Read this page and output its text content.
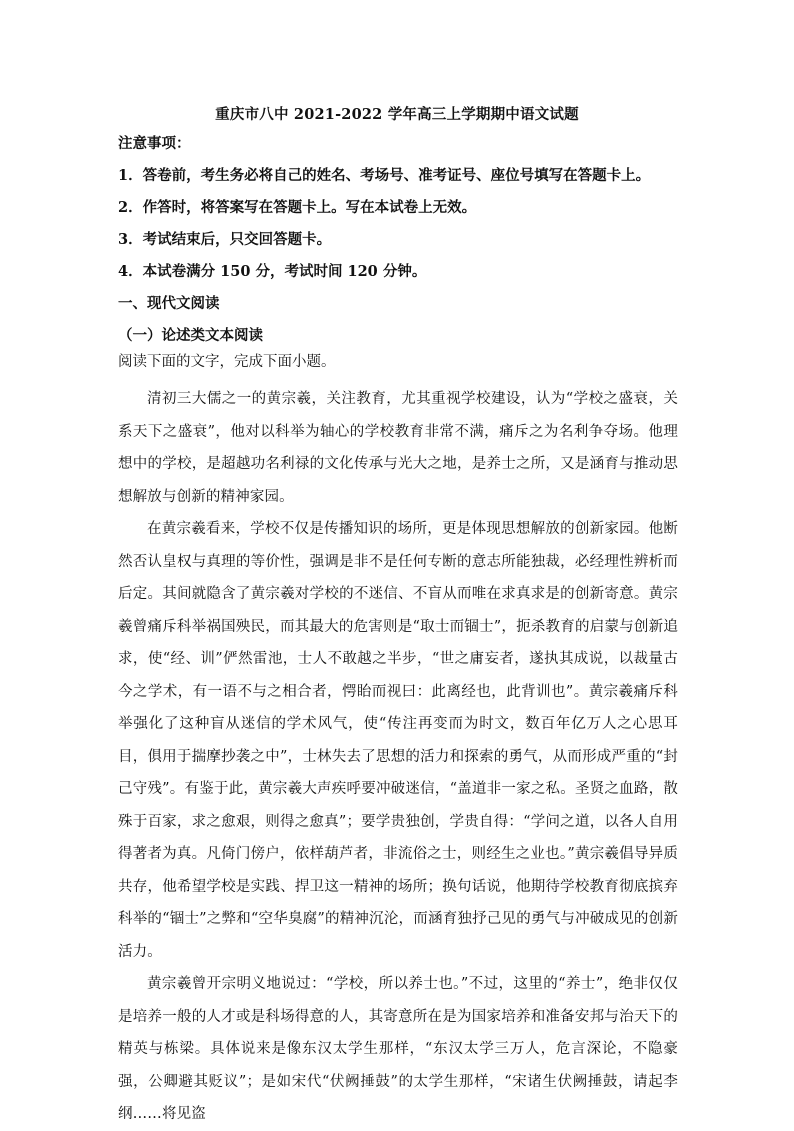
重庆市八中 2021-2022 学年高三上学期期中语文试题
注意事项：
1．答卷前，考生务必将自己的姓名、考场号、准考证号、座位号填写在答题卡上。
2．作答时，将答案写在答题卡上。写在本试卷上无效。
3．考试结束后，只交回答题卡。
4．本试卷满分 150 分，考试时间 120 分钟。
一、现代文阅读
（一）论述类文本阅读
阅读下面的文字，完成下面小题。

清初三大儒之一的黄宗羲，关注教育，尤其重视学校建设，认为“学校之盛衰，关系天下之盛衰”，他对以科举为轴心的学校教育非常不满，痛斥之为名利争夺场。他理想中的学校，是超越功名利禄的文化传承与光大之地，是养士之所，又是涵育与推动思想解放与创新的精神家园。

在黄宗羲看来，学校不仅是传播知识的场所，更是体现思想解放的创新家园。他断然否认皇权与真理的等价性，强调是非不是任何专断的意志所能独裁，必经理性辨析而后定。其间就隐含了黄宗羲对学校的不迷信、不盲从而唯在求真求是的创新寄意。黄宗羲曾痛斥科举祸国殃民，而其最大的危害则是“取士而锢士”，扼杀教育的启蒙与创新追求，使“经、训”俨然雷池，士人不敢越之半步，“世之庸妄者，遂执其成说，以裁量古今之学术，有一语不与之相合者，愕眙而视曰：此离经也，此背训也”。黄宗羲痛斥科举强化了这种盲从迷信的学术风气，使“传注再变而为时文，数百年亿万人之心思耳目，俱用于揣摩抄袭之中”，士林失去了思想的活力和探索的勇气，从而形成严重的“封己守残”。有鉴于此，黄宗羲大声疾呼要冲破迷信，“盖道非一家之私。圣贤之血路，散殊于百家，求之愈艰，则得之愈真”；要学贵独创，学贵自得：“学问之道，以各人自用得著者为真。凡倚门傍户，依样葫芦者，非流俗之士，则经生之业也。”黄宗羲倡导异质共存，他希望学校是实践、捍卫这一精神的场所；换句话说，他期待学校教育彻底摈弃科举的“锢士”之弊和“空华臭腐”的精神沉沦，而涵育独抒己见的勇气与冲破成见的创新活力。

黄宗羲曾开宗明义地说过：“学校，所以养士也。”不过，这里的“养士”，绝非仅仅是培养一般的人才或是科场得意的人，其寄意所在是为国家培养和准备安邦与治天下的精英与栋梁。具体说来是像东汉太学生那样，“东汉太学三万人，危言深论，不隐豪强，公卿避其贬议”；是如宋代“伏阙捶鼓”的太学生那样，“宋诸生伏阙捶鼓，请起李纲……将见盗
